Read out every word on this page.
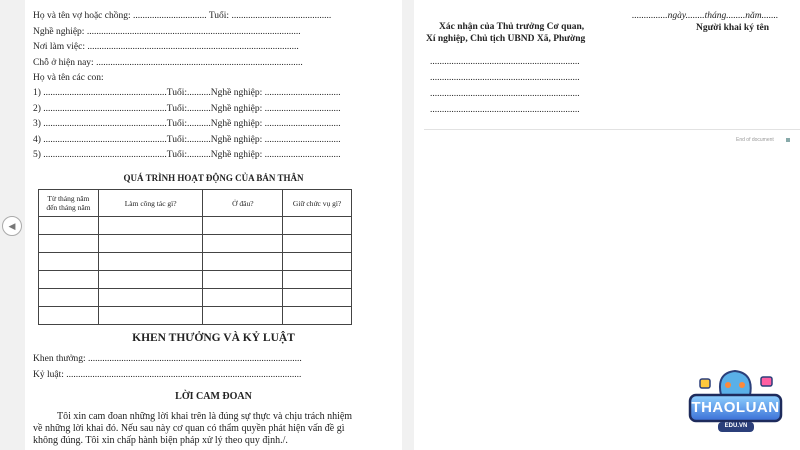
Họ và tên vợ hoặc chồng: ............................... Tuổi: ..........................................
Nghề nghiệp: ..........................................................................................
Nơi làm việc: .........................................................................................
Chỗ ở hiện nay: .......................................................................................
Họ và tên các con:
1) ....................................................Tuổi:..........Nghề nghiệp: ................................
2) ....................................................Tuổi:..........Nghề nghiệp: ................................
3) ....................................................Tuổi:..........Nghề nghiệp: ................................
4) ....................................................Tuổi:..........Nghề nghiệp: ................................
5) ....................................................Tuổi:..........Nghề nghiệp: ................................
QUÁ TRÌNH HOẠT ĐỘNG CỦA BẢN THÂN
Từ tháng năm
đến tháng năm	Làm công tác gì?	Ở đâu?	Giữ chức vụ gì?

KHEN THƯỞNG VÀ KỶ LUẬT
Khen thưởng: ..........................................................................................
Kỷ luật: ...................................................................................................
LỜI CAM ĐOAN
Tôi xin cam đoan những lời khai trên là đúng sự thực và chịu trách nhiệm
về những lời khai đó. Nếu sau này cơ quan có thẩm quyền phát hiện vấn đề gì
không đúng. Tôi xin chấp hành biện pháp xử lý theo quy định./.
◀
Xác nhận của Thủ trưởng Cơ quan,
Xí nghiệp, Chủ tịch UBND Xã, Phường
...............ngày........tháng........năm.......
Người khai ký tên
...............................................................
...............................................................
...............................................................
...............................................................
End of document
THAOLUAN
EDU.VN
